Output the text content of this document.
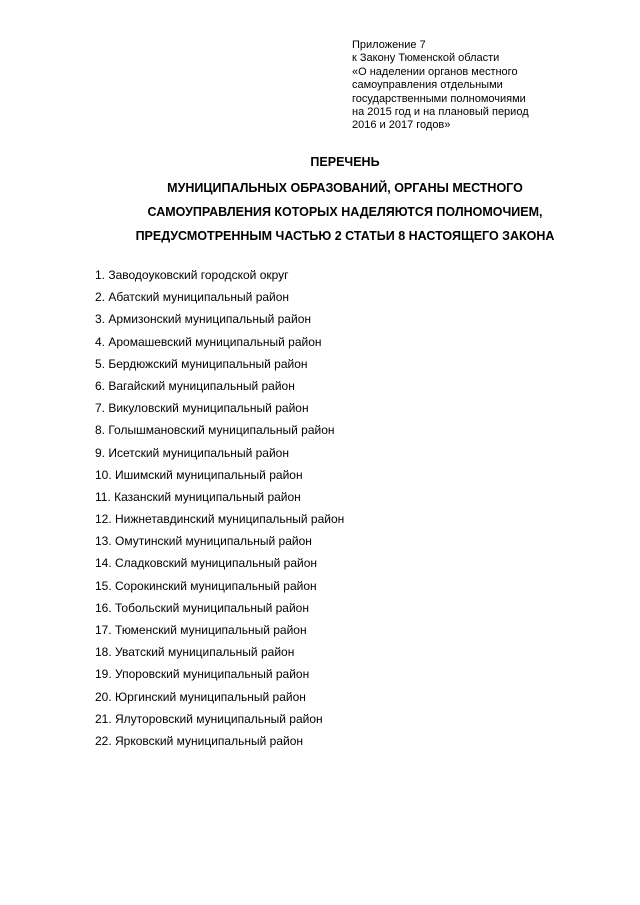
Приложение 7
к Закону Тюменской области
«О наделении органов местного
самоуправления отдельными
государственными полномочиями
на 2015 год и на плановый период
2016 и 2017 годов»
ПЕРЕЧЕНЬ
МУНИЦИПАЛЬНЫХ ОБРАЗОВАНИЙ, ОРГАНЫ МЕСТНОГО
САМОУПРАВЛЕНИЯ КОТОРЫХ НАДЕЛЯЮТСЯ ПОЛНОМОЧИЕМ,
ПРЕДУСМОТРЕННЫМ ЧАСТЬЮ 2 СТАТЬИ 8 НАСТОЯЩЕГО ЗАКОНА
1. Заводоуковский городской округ
2. Абатский муниципальный район
3. Армизонский муниципальный район
4. Аромашевский муниципальный район
5. Бердюжский муниципальный район
6. Вагайский муниципальный район
7. Викуловский муниципальный район
8. Голышмановский муниципальный район
9. Исетский муниципальный район
10. Ишимский муниципальный район
11. Казанский муниципальный район
12. Нижнетавдинский муниципальный район
13. Омутинский муниципальный район
14. Сладковский муниципальный район
15. Сорокинский муниципальный район
16. Тобольский муниципальный район
17. Тюменский муниципальный район
18. Уватский муниципальный район
19. Упоровский муниципальный район
20. Юргинский муниципальный район
21. Ялуторовский муниципальный район
22. Ярковский муниципальный район
